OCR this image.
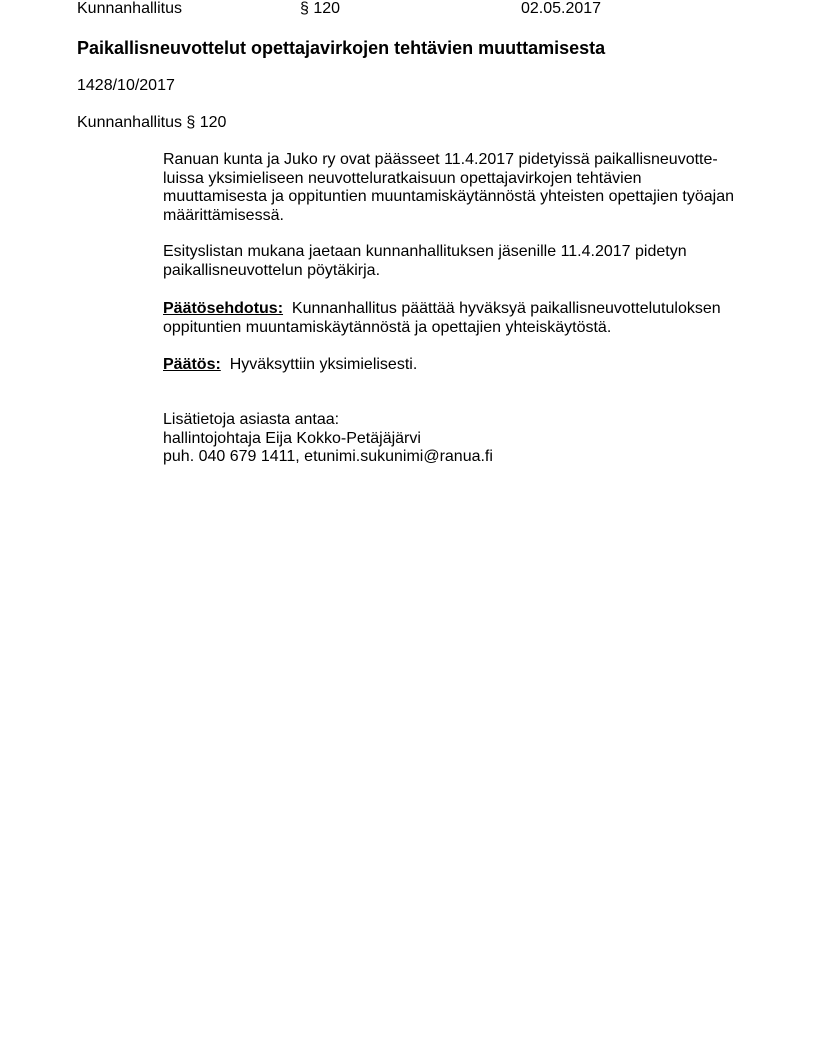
Kunnanhallitus	§ 120	02.05.2017
Paikallisneuvottelut opettajavirkojen tehtävien muuttamisesta
1428/10/2017
Kunnanhallitus § 120
Ranuan kunta ja Juko ry ovat päässeet 11.4.2017 pidetyissä paikallisneuvotte-
luissa yksimieliseen neuvotteluratkaisuun opettajavirkojen tehtävien
muuttamisesta ja oppituntien muuntamiskäytännöstä yhteisten opettajien työajan
määrittämisessä.
Esityslistan mukana jaetaan kunnanhallituksen jäsenille 11.4.2017 pidetyn
paikallisneuvottelun pöytäkirja.
Päätösehdotus:  Kunnanhallitus päättää hyväksyä paikallisneuvottelutuloksen
oppituntien muuntamiskäytännöstä ja opettajien yhteiskäytöstä.
Päätös:  Hyväksyttiin yksimielisesti.
Lisätietoja asiasta antaa:
hallintojohtaja Eija Kokko-Petäjäjärvi
puh. 040 679 1411, etunimi.sukunimi@ranua.fi
